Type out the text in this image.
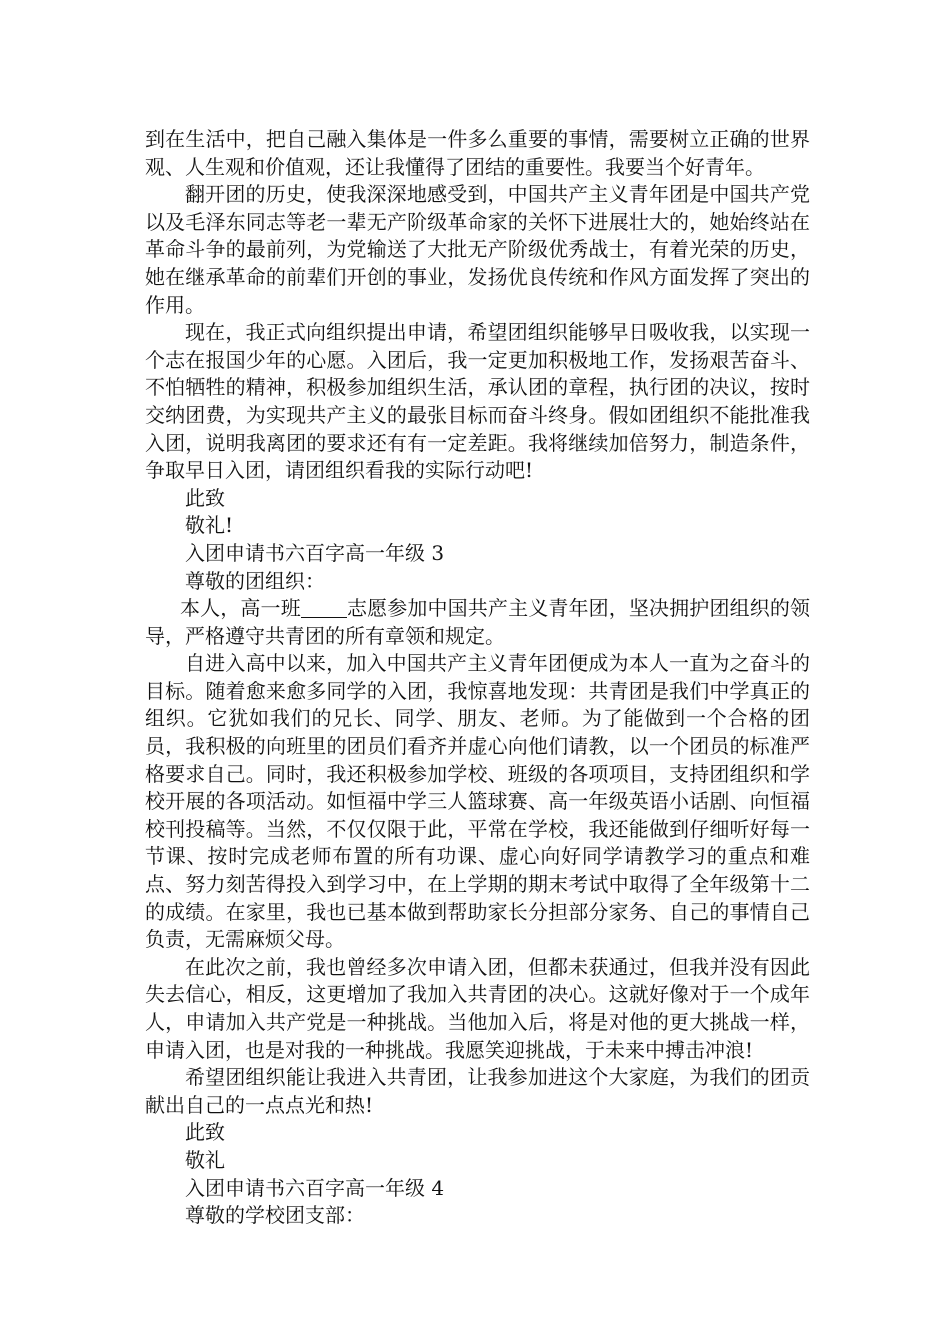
到在生活中，把自己融入集体是一件多么重要的事情，需要树立正确的世界观、人生观和价值观，还让我懂得了团结的重要性。我要当个好青年。

翻开团的历史，使我深深地感受到，中国共产主义青年团是中国共产党以及毛泽东同志等老一辈无产阶级革命家的关怀下进展壮大的，她始终站在革命斗争的最前列，为党输送了大批无产阶级优秀战士，有着光荣的历史，她在继承革命的前辈们开创的事业，发扬优良传统和作风方面发挥了突出的作用。

现在，我正式向组织提出申请，希望团组织能够早日吸收我，以实现一个志在报国少年的心愿。入团后，我一定更加积极地工作，发扬艰苦奋斗、不怕牺牲的精神，积极参加组织生活，承认团的章程，执行团的决议，按时交纳团费，为实现共产主义的最张目标而奋斗终身。假如团组织不能批准我入团，说明我离团的要求还有有一定差距。我将继续加倍努力，制造条件，争取早日入团，请团组织看我的实际行动吧!

此致

敬礼!

入团申请书六百字高一年级 3

尊敬的团组织：

本人，高一班 志愿参加中国共产主义青年团，坚决拥护团组织的领导，严格遵守共青团的所有章领和规定。

自进入高中以来，加入中国共产主义青年团便成为本人一直为之奋斗的目标。随着愈来愈多同学的入团，我惊喜地发现：共青团是我们中学真正的组织。它犹如我们的兄长、同学、朋友、老师。为了能做到一个合格的团员，我积极的向班里的团员们看齐并虚心向他们请教，以一个团员的标准严格要求自己。同时，我还积极参加学校、班级的各项项目，支持团组织和学校开展的各项活动。如恒福中学三人篮球赛、高一年级英语小话剧、向恒福校刊投稿等。当然，不仅仅限于此，平常在学校，我还能做到仔细听好每一节课、按时完成老师布置的所有功课、虚心向好同学请教学习的重点和难点、努力刻苦得投入到学习中，在上学期的期末考试中取得了全年级第十二的成绩。在家里，我也已基本做到帮助家长分担部分家务、自己的事情自己负责，无需麻烦父母。

在此次之前，我也曾经多次申请入团，但都未获通过，但我并没有因此失去信心，相反，这更增加了我加入共青团的决心。这就好像对于一个成年人，申请加入共产党是一种挑战。当他加入后，将是对他的更大挑战一样，申请入团，也是对我的一种挑战。我愿笑迎挑战，于未来中搏击冲浪!

希望团组织能让我进入共青团，让我参加进这个大家庭，为我们的团贡献出自己的一点点光和热!

此致

敬礼

入团申请书六百字高一年级 4

尊敬的学校团支部：
